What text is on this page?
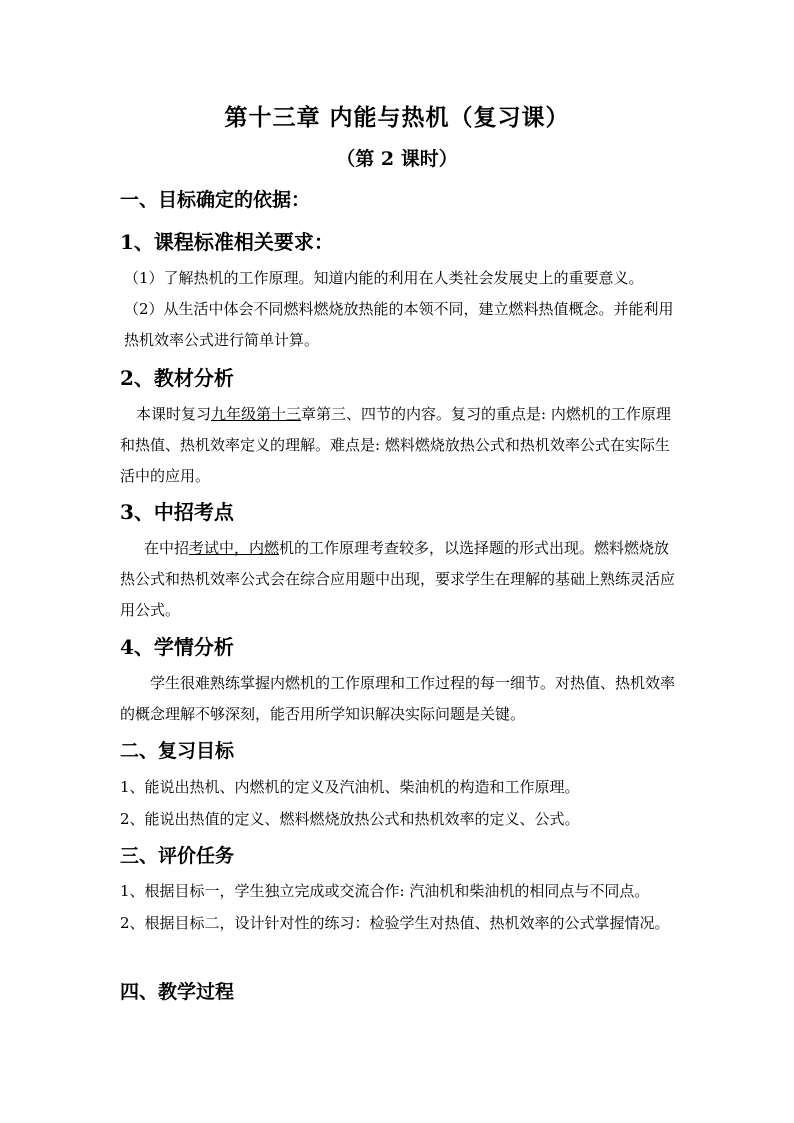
第十三章 内能与热机（复习课）
（第 2 课时）
一、目标确定的依据：
1、课程标准相关要求：
（1）了解热机的工作原理。知道内能的利用在人类社会发展史上的重要意义。
（2）从生活中体会不同燃料燃烧放热能的本领不同，建立燃料热值概念。并能利用热机效率公式进行简单计算。
2、教材分析
本课时复习九年级第十三章第三、四节的内容。复习的重点是: 内燃机的工作原理和热值、热机效率定义的理解。难点是: 燃料燃烧放热公式和热机效率公式在实际生活中的应用。
3、中招考点
在中招考试中，内燃机的工作原理考查较多，以选择题的形式出现。燃料燃烧放热公式和热机效率公式会在综合应用题中出现，要求学生在理解的基础上熟练灵活应用公式。
4、学情分析
学生很难熟练掌握内燃机的工作原理和工作过程的每一细节。对热值、热机效率的概念理解不够深刻，能否用所学知识解决实际问题是关键。
二、复习目标
1、能说出热机、内燃机的定义及汽油机、柴油机的构造和工作原理。
2、能说出热值的定义、燃料燃烧放热公式和热机效率的定义、公式。
三、评价任务
1、根据目标一，学生独立完成或交流合作: 汽油机和柴油机的相同点与不同点。
2、根据目标二，设计针对性的练习：检验学生对热值、热机效率的公式掌握情况。
四、教学过程
